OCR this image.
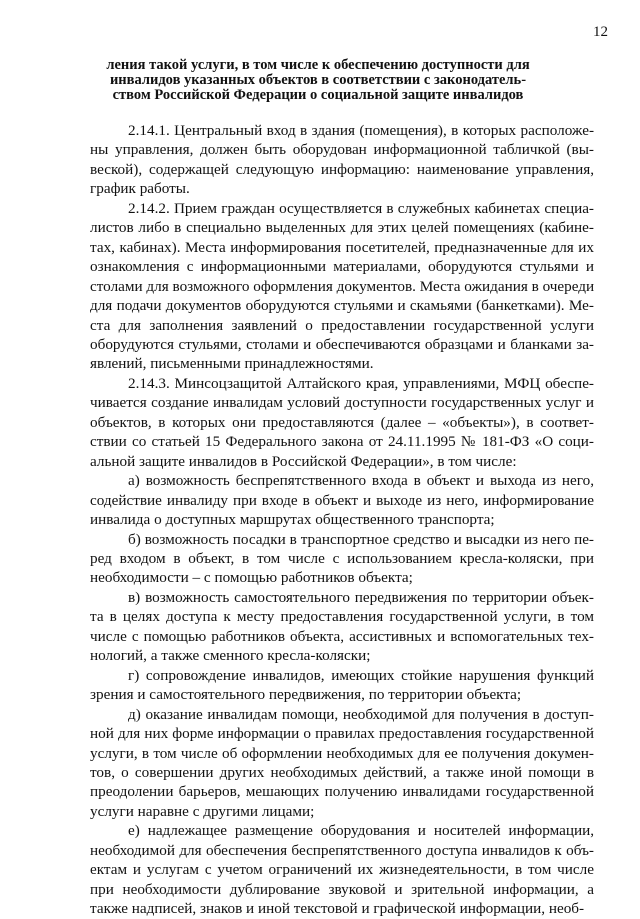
12
ления такой услуги, в том числе к обеспечению доступности для
инвалидов указанных объектов в соответствии с законодатель-
ством Российской Федерации о социальной защите инвалидов
2.14.1. Центральный вход в здания (помещения), в которых расположе-
ны управления, должен быть оборудован информационной табличкой (вы-
веской), содержащей следующую информацию: наименование управления,
график работы.
2.14.2. Прием граждан осуществляется в служебных кабинетах специа-
листов либо в специально выделенных для этих целей помещениях (кабине-
тах, кабинах). Места информирования посетителей, предназначенные для их
ознакомления с информационными материалами, оборудуются стульями и
столами для возможного оформления документов. Места ожидания в очереди
для подачи документов оборудуются стульями и скамьями (банкетками). Ме-
ста для заполнения заявлений о предоставлении государственной услуги
оборудуются стульями, столами и обеспечиваются образцами и бланками за-
явлений, письменными принадлежностями.
2.14.3. Минсоцзащитой Алтайского края, управлениями, МФЦ обеспе-
чивается создание инвалидам условий доступности государственных услуг и
объектов, в которых они предоставляются (далее – «объекты»), в соответ-
ствии со статьей 15 Федерального закона от 24.11.1995 № 181-ФЗ «О соци-
альной защите инвалидов в Российской Федерации», в том числе:
а) возможность беспрепятственного входа в объект и выхода из него,
содействие инвалиду при входе в объект и выходе из него, информирование
инвалида о доступных маршрутах общественного транспорта;
б) возможность посадки в транспортное средство и высадки из него пе-
ред входом в объект, в том числе с использованием кресла-коляски, при
необходимости – с помощью работников объекта;
в) возможность самостоятельного передвижения по территории объек-
та в целях доступа к месту предоставления государственной услуги, в том
числе с помощью работников объекта, ассистивных и вспомогательных тех-
нологий, а также сменного кресла-коляски;
г) сопровождение инвалидов, имеющих стойкие нарушения функций
зрения и самостоятельного передвижения, по территории объекта;
д) оказание инвалидам помощи, необходимой для получения в доступ-
ной для них форме информации о правилах предоставления государственной
услуги, в том числе об оформлении необходимых для ее получения докумен-
тов, о совершении других необходимых действий, а также иной помощи в
преодолении барьеров, мешающих получению инвалидами государственной
услуги наравне с другими лицами;
е) надлежащее размещение оборудования и носителей информации,
необходимой для обеспечения беспрепятственного доступа инвалидов к объ-
ектам и услугам с учетом ограничений их жизнедеятельности, в том числе
при необходимости дублирование звуковой и зрительной информации, а
также надписей, знаков и иной текстовой и графической информации, необ-
